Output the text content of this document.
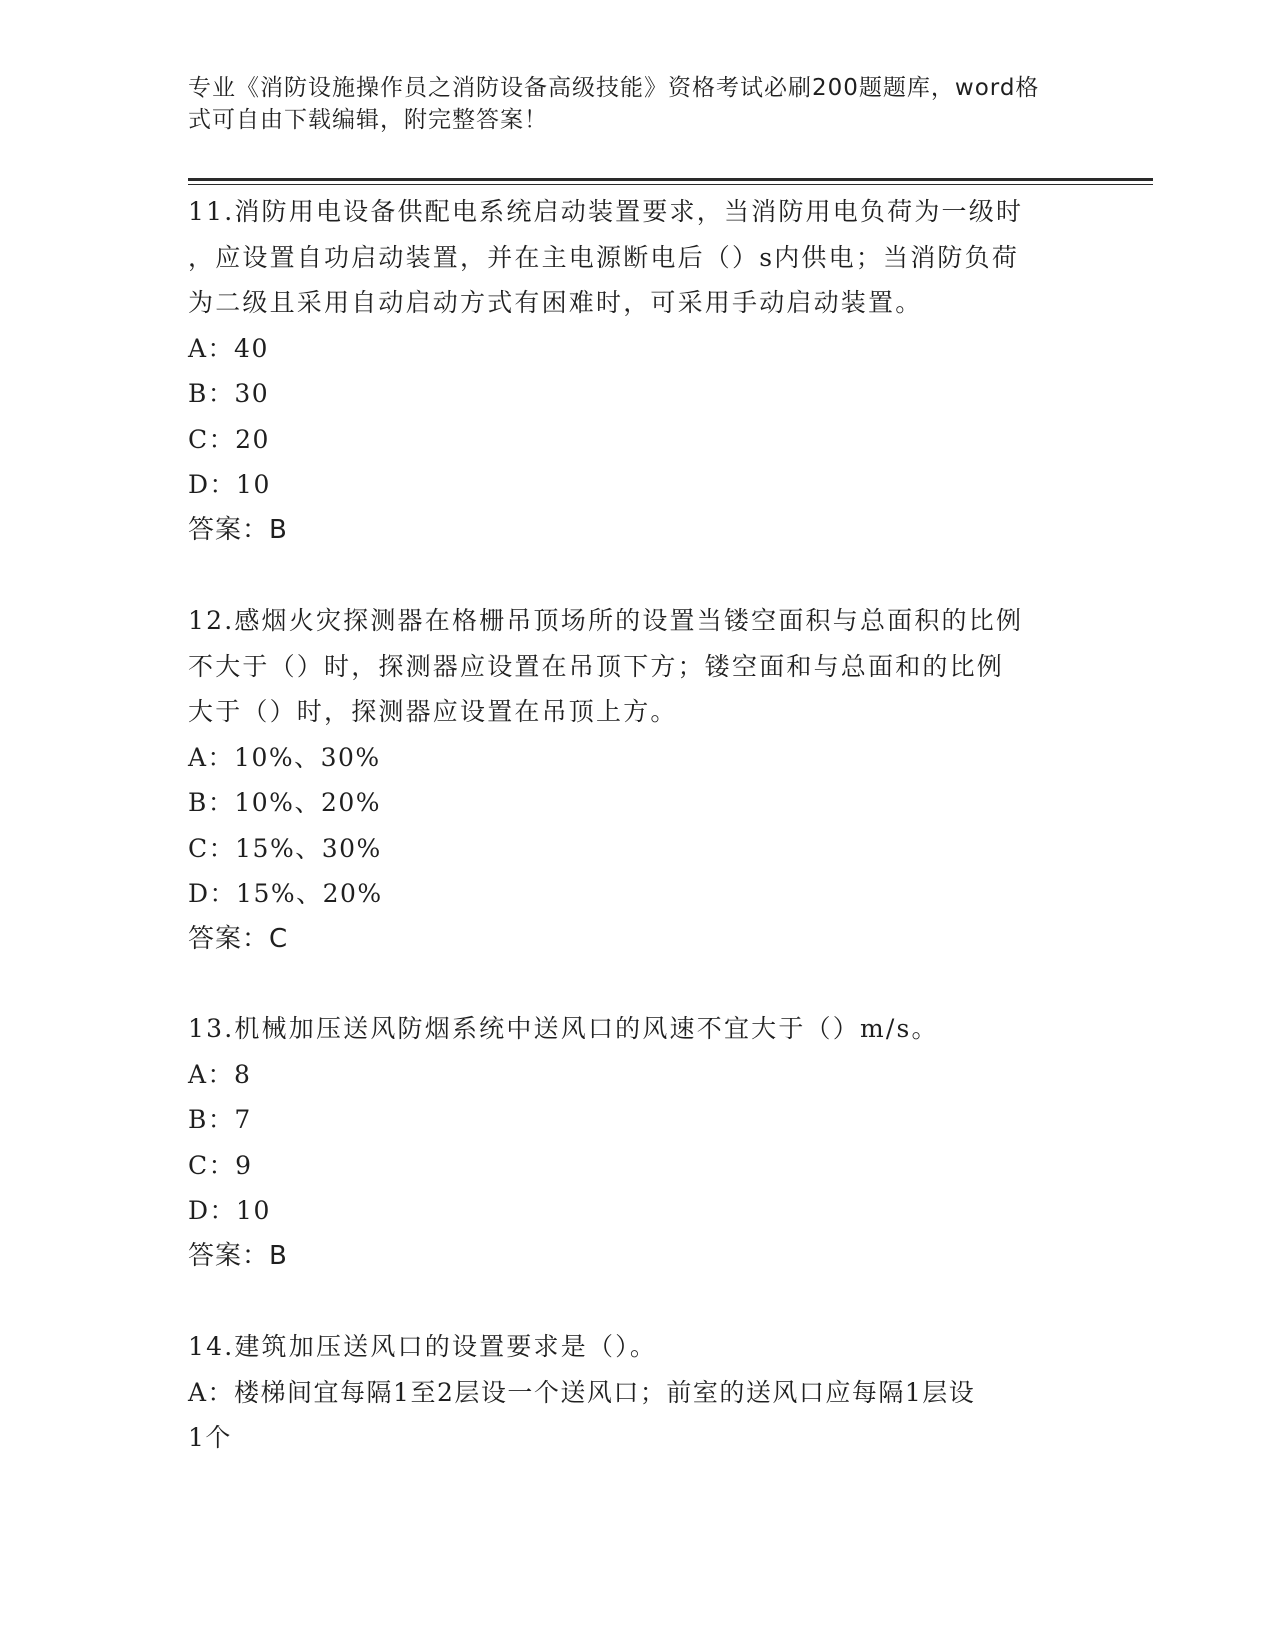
专业《消防设施操作员之消防设备高级技能》资格考试必刷200题题库，word格
式可自由下载编辑，附完整答案！

11.消防用电设备供配电系统启动装置要求，当消防用电负荷为一级时

，应设置自功启动装置，并在主电源断电后（）s内供电；当消防负荷

为二级且采用自动启动方式有困难时，可采用手动启动装置。

A：40

B：30

C：20

D：10

答案：B

12.感烟火灾探测器在格栅吊顶场所的设置当镂空面积与总面积的比例

不大于（）时，探测器应设置在吊顶下方；镂空面和与总面和的比例

大于（）时，探测器应设置在吊顶上方。

A：10%、30%

B：10%、20%

C：15%、30%

D：15%、20%

答案：C

13.机械加压送风防烟系统中送风口的风速不宜大于（）m/s。

A：8

B：7

C：9

D：10

答案：B

14.建筑加压送风口的设置要求是（）。

A：楼梯间宜每隔1至2层设一个送风口；前室的送风口应每隔1层设

1个
